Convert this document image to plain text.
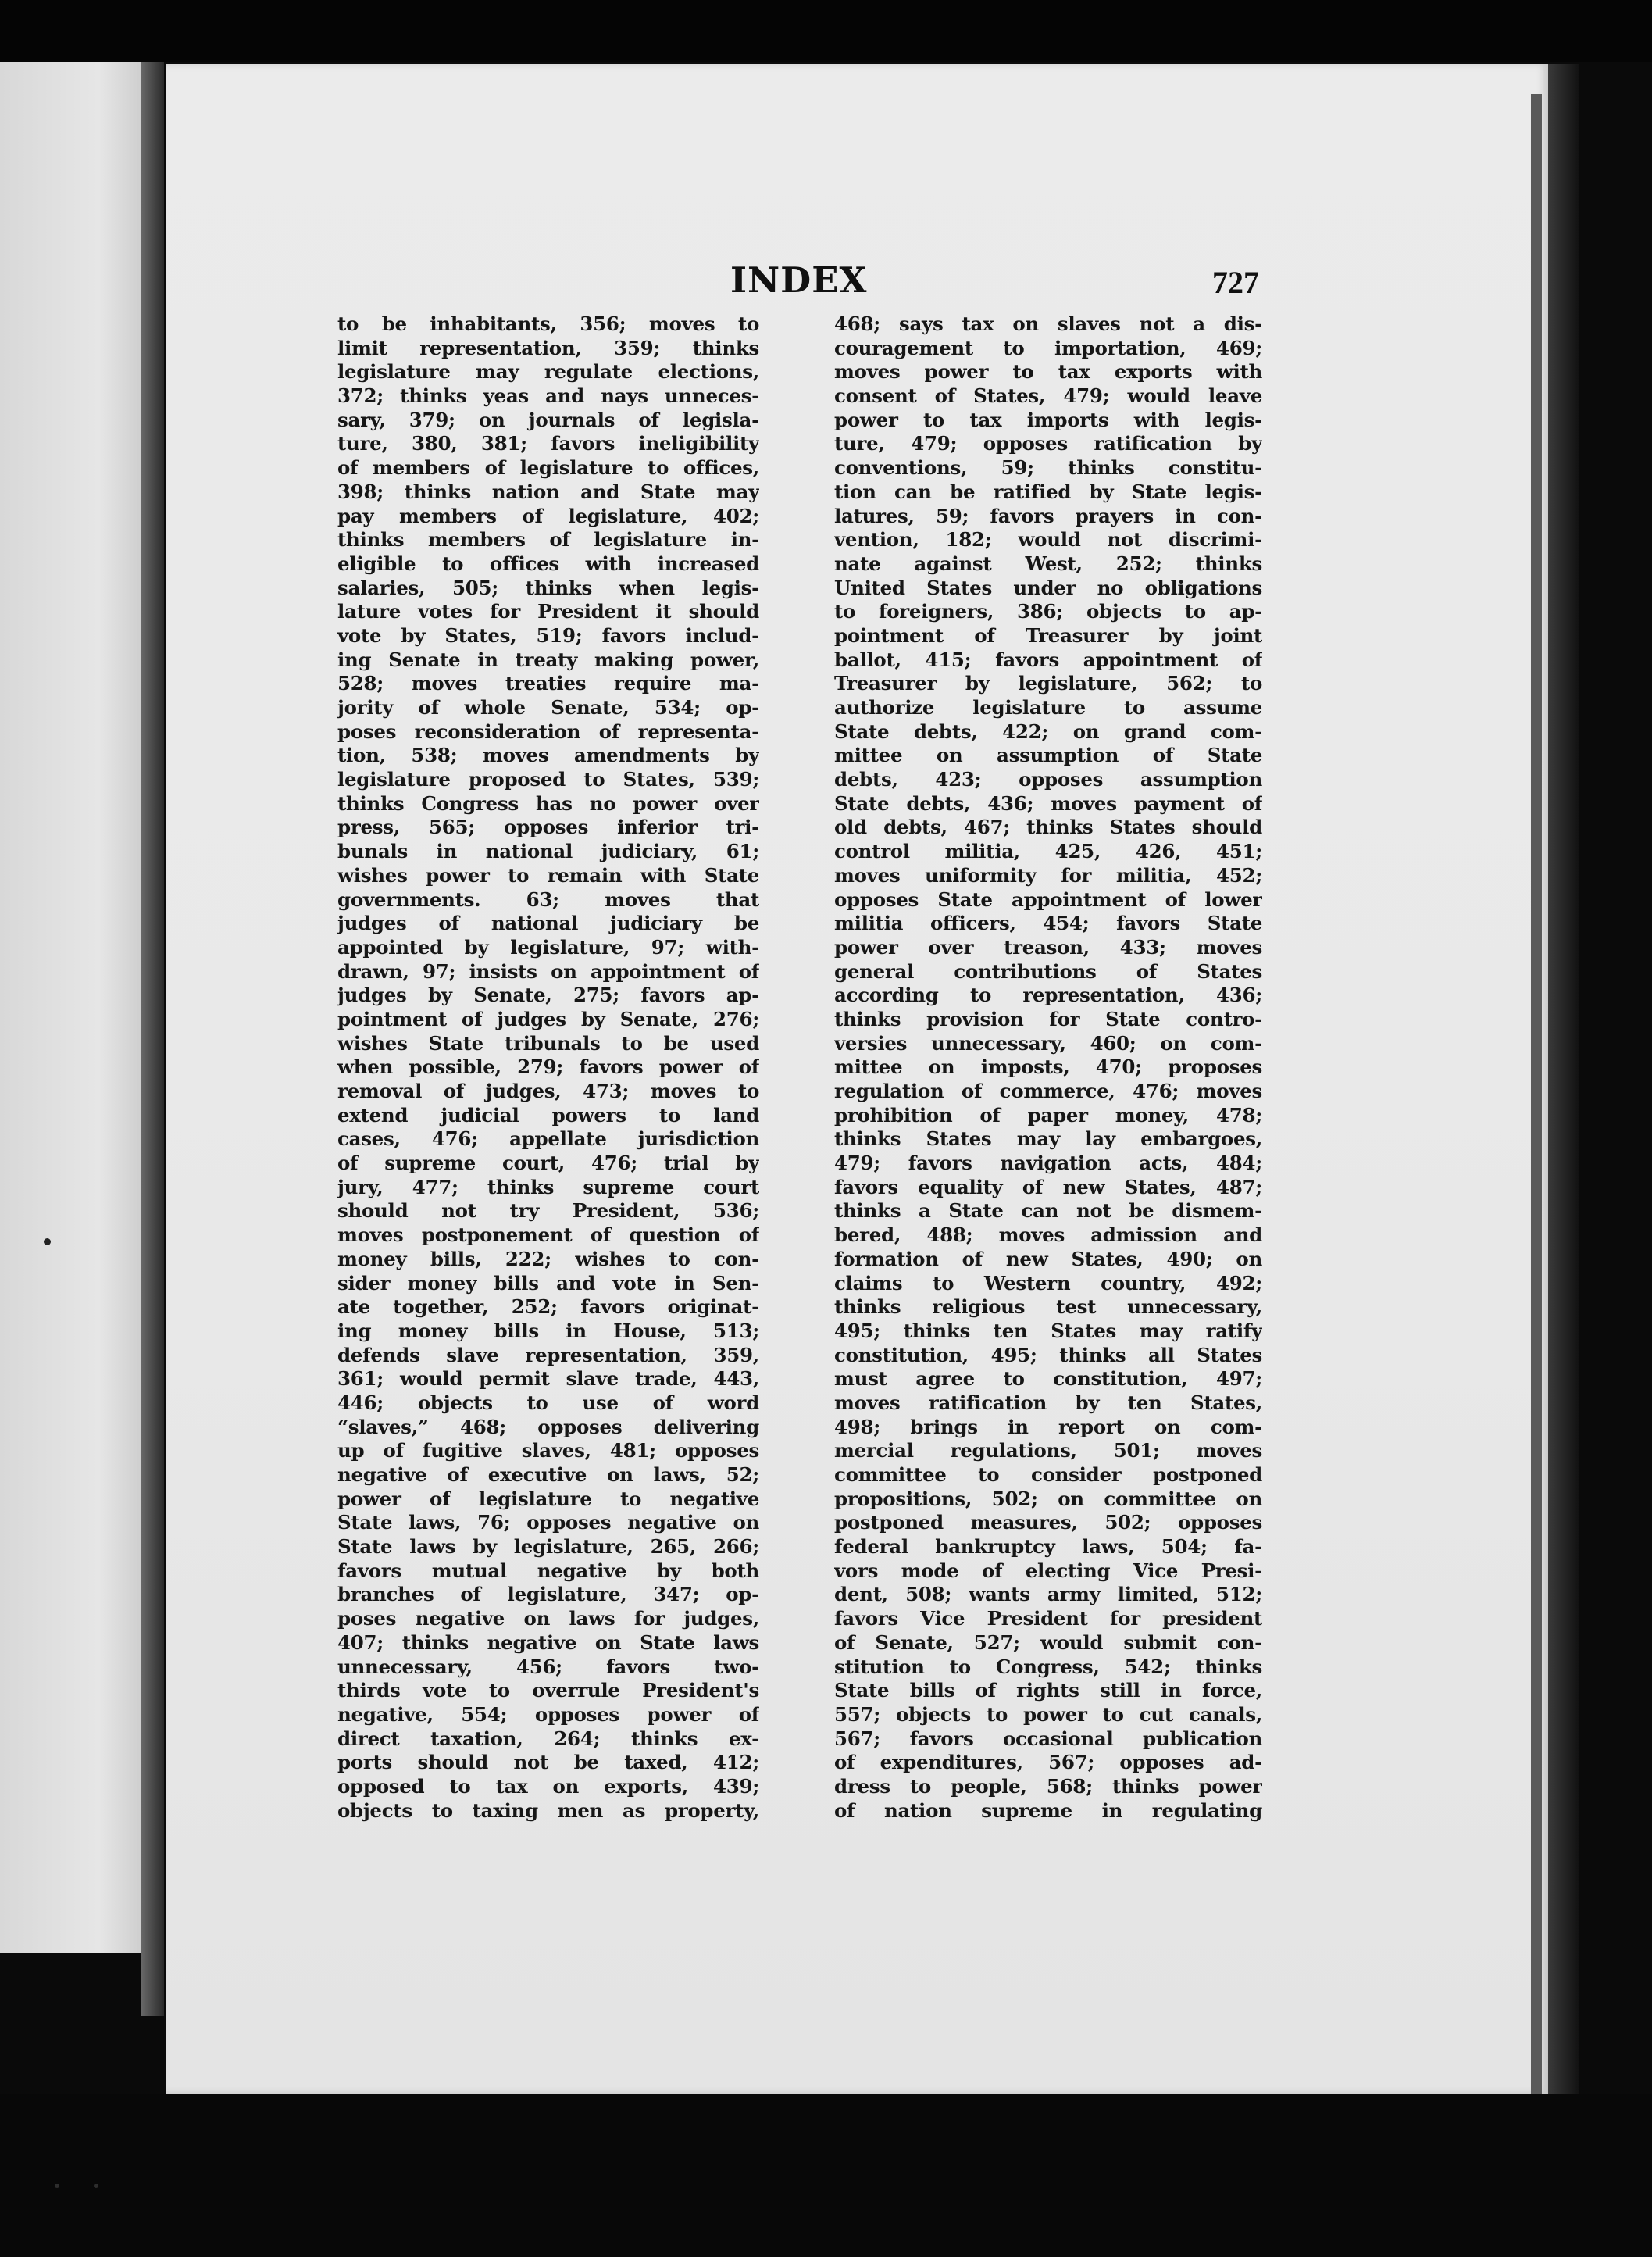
INDEX	727
to be inhabitants, 356; moves to
limit representation, 359; thinks
legislature may regulate elections,
372; thinks yeas and nays unneces-
sary, 379; on journals of legisla-
ture, 380, 381; favors ineligibility
of members of legislature to offices,
398; thinks nation and State may
pay members of legislature, 402;
thinks members of legislature in-
eligible to offices with increased
salaries, 505; thinks when legis-
lature votes for President it should
vote by States, 519; favors includ-
ing Senate in treaty making power,
528; moves treaties require ma-
jority of whole Senate, 534; op-
poses reconsideration of representa-
tion, 538; moves amendments by
legislature proposed to States, 539;
thinks Congress has no power over
press, 565; opposes inferior tri-
bunals in national judiciary, 61;
wishes power to remain with State
governments. 63; moves that
judges of national judiciary be
appointed by legislature, 97; with-
drawn, 97; insists on appointment of
judges by Senate, 275; favors ap-
pointment of judges by Senate, 276;
wishes State tribunals to be used
when possible, 279; favors power of
removal of judges, 473; moves to
extend judicial powers to land
cases, 476; appellate jurisdiction
of supreme court, 476; trial by
jury, 477; thinks supreme court
should not try President, 536;
moves postponement of question of
money bills, 222; wishes to con-
sider money bills and vote in Sen-
ate together, 252; favors originat-
ing money bills in House, 513;
defends slave representation, 359,
361; would permit slave trade, 443,
446; objects to use of word
“slaves,” 468; opposes delivering
up of fugitive slaves, 481; opposes
negative of executive on laws, 52;
power of legislature to negative
State laws, 76; opposes negative on
State laws by legislature, 265, 266;
favors mutual negative by both
branches of legislature, 347; op-
poses negative on laws for judges,
407; thinks negative on State laws
unnecessary, 456; favors two-
thirds vote to overrule President's
negative, 554; opposes power of
direct taxation, 264; thinks ex-
ports should not be taxed, 412;
opposed to tax on exports, 439;
objects to taxing men as property,
468; says tax on slaves not a dis-
couragement to importation, 469;
moves power to tax exports with
consent of States, 479; would leave
power to tax imports with legis-
ture, 479; opposes ratification by
conventions, 59; thinks constitu-
tion can be ratified by State legis-
latures, 59; favors prayers in con-
vention, 182; would not discrimi-
nate against West, 252; thinks
United States under no obligations
to foreigners, 386; objects to ap-
pointment of Treasurer by joint
ballot, 415; favors appointment of
Treasurer by legislature, 562; to
authorize legislature to assume
State debts, 422; on grand com-
mittee on assumption of State
debts, 423; opposes assumption
State debts, 436; moves payment of
old debts, 467; thinks States should
control militia, 425, 426, 451;
moves uniformity for militia, 452;
opposes State appointment of lower
militia officers, 454; favors State
power over treason, 433; moves
general contributions of States
according to representation, 436;
thinks provision for State contro-
versies unnecessary, 460; on com-
mittee on imposts, 470; proposes
regulation of commerce, 476; moves
prohibition of paper money, 478;
thinks States may lay embargoes,
479; favors navigation acts, 484;
favors equality of new States, 487;
thinks a State can not be dismem-
bered, 488; moves admission and
formation of new States, 490; on
claims to Western country, 492;
thinks religious test unnecessary,
495; thinks ten States may ratify
constitution, 495; thinks all States
must agree to constitution, 497;
moves ratification by ten States,
498; brings in report on com-
mercial regulations, 501; moves
committee to consider postponed
propositions, 502; on committee on
postponed measures, 502; opposes
federal bankruptcy laws, 504; fa-
vors mode of electing Vice Presi-
dent, 508; wants army limited, 512;
favors Vice President for president
of Senate, 527; would submit con-
stitution to Congress, 542; thinks
State bills of rights still in force,
557; objects to power to cut canals,
567; favors occasional publication
of expenditures, 567; opposes ad-
dress to people, 568; thinks power
of nation supreme in regulating
